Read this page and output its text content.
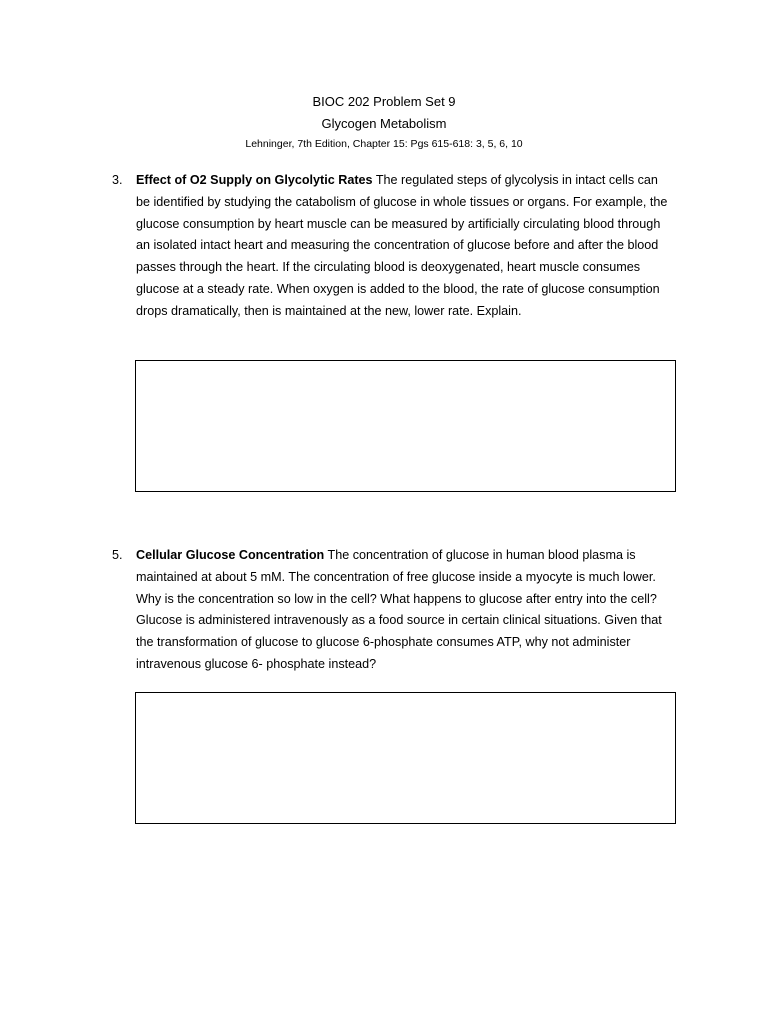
BIOC 202 Problem Set 9
Glycogen Metabolism
Lehninger, 7th Edition, Chapter 15: Pgs 615-618: 3, 5, 6, 10
3.	Effect of O2 Supply on Glycolytic Rates The regulated steps of glycolysis in intact cells can be identified by studying the catabolism of glucose in whole tissues or organs. For example, the glucose consumption by heart muscle can be measured by artificially circulating blood through an isolated intact heart and measuring the concentration of glucose before and after the blood passes through the heart. If the circulating blood is deoxygenated, heart muscle consumes glucose at a steady rate. When oxygen is added to the blood, the rate of glucose consumption drops dramatically, then is maintained at the new, lower rate. Explain.
5.	Cellular Glucose Concentration The concentration of glucose in human blood plasma is maintained at about 5 mM. The concentration of free glucose inside a myocyte is much lower. Why is the concentration so low in the cell? What happens to glucose after entry into the cell? Glucose is administered intravenously as a food source in certain clinical situations. Given that the transformation of glucose to glucose 6-phosphate consumes ATP, why not administer intravenous glucose 6- phosphate instead?
